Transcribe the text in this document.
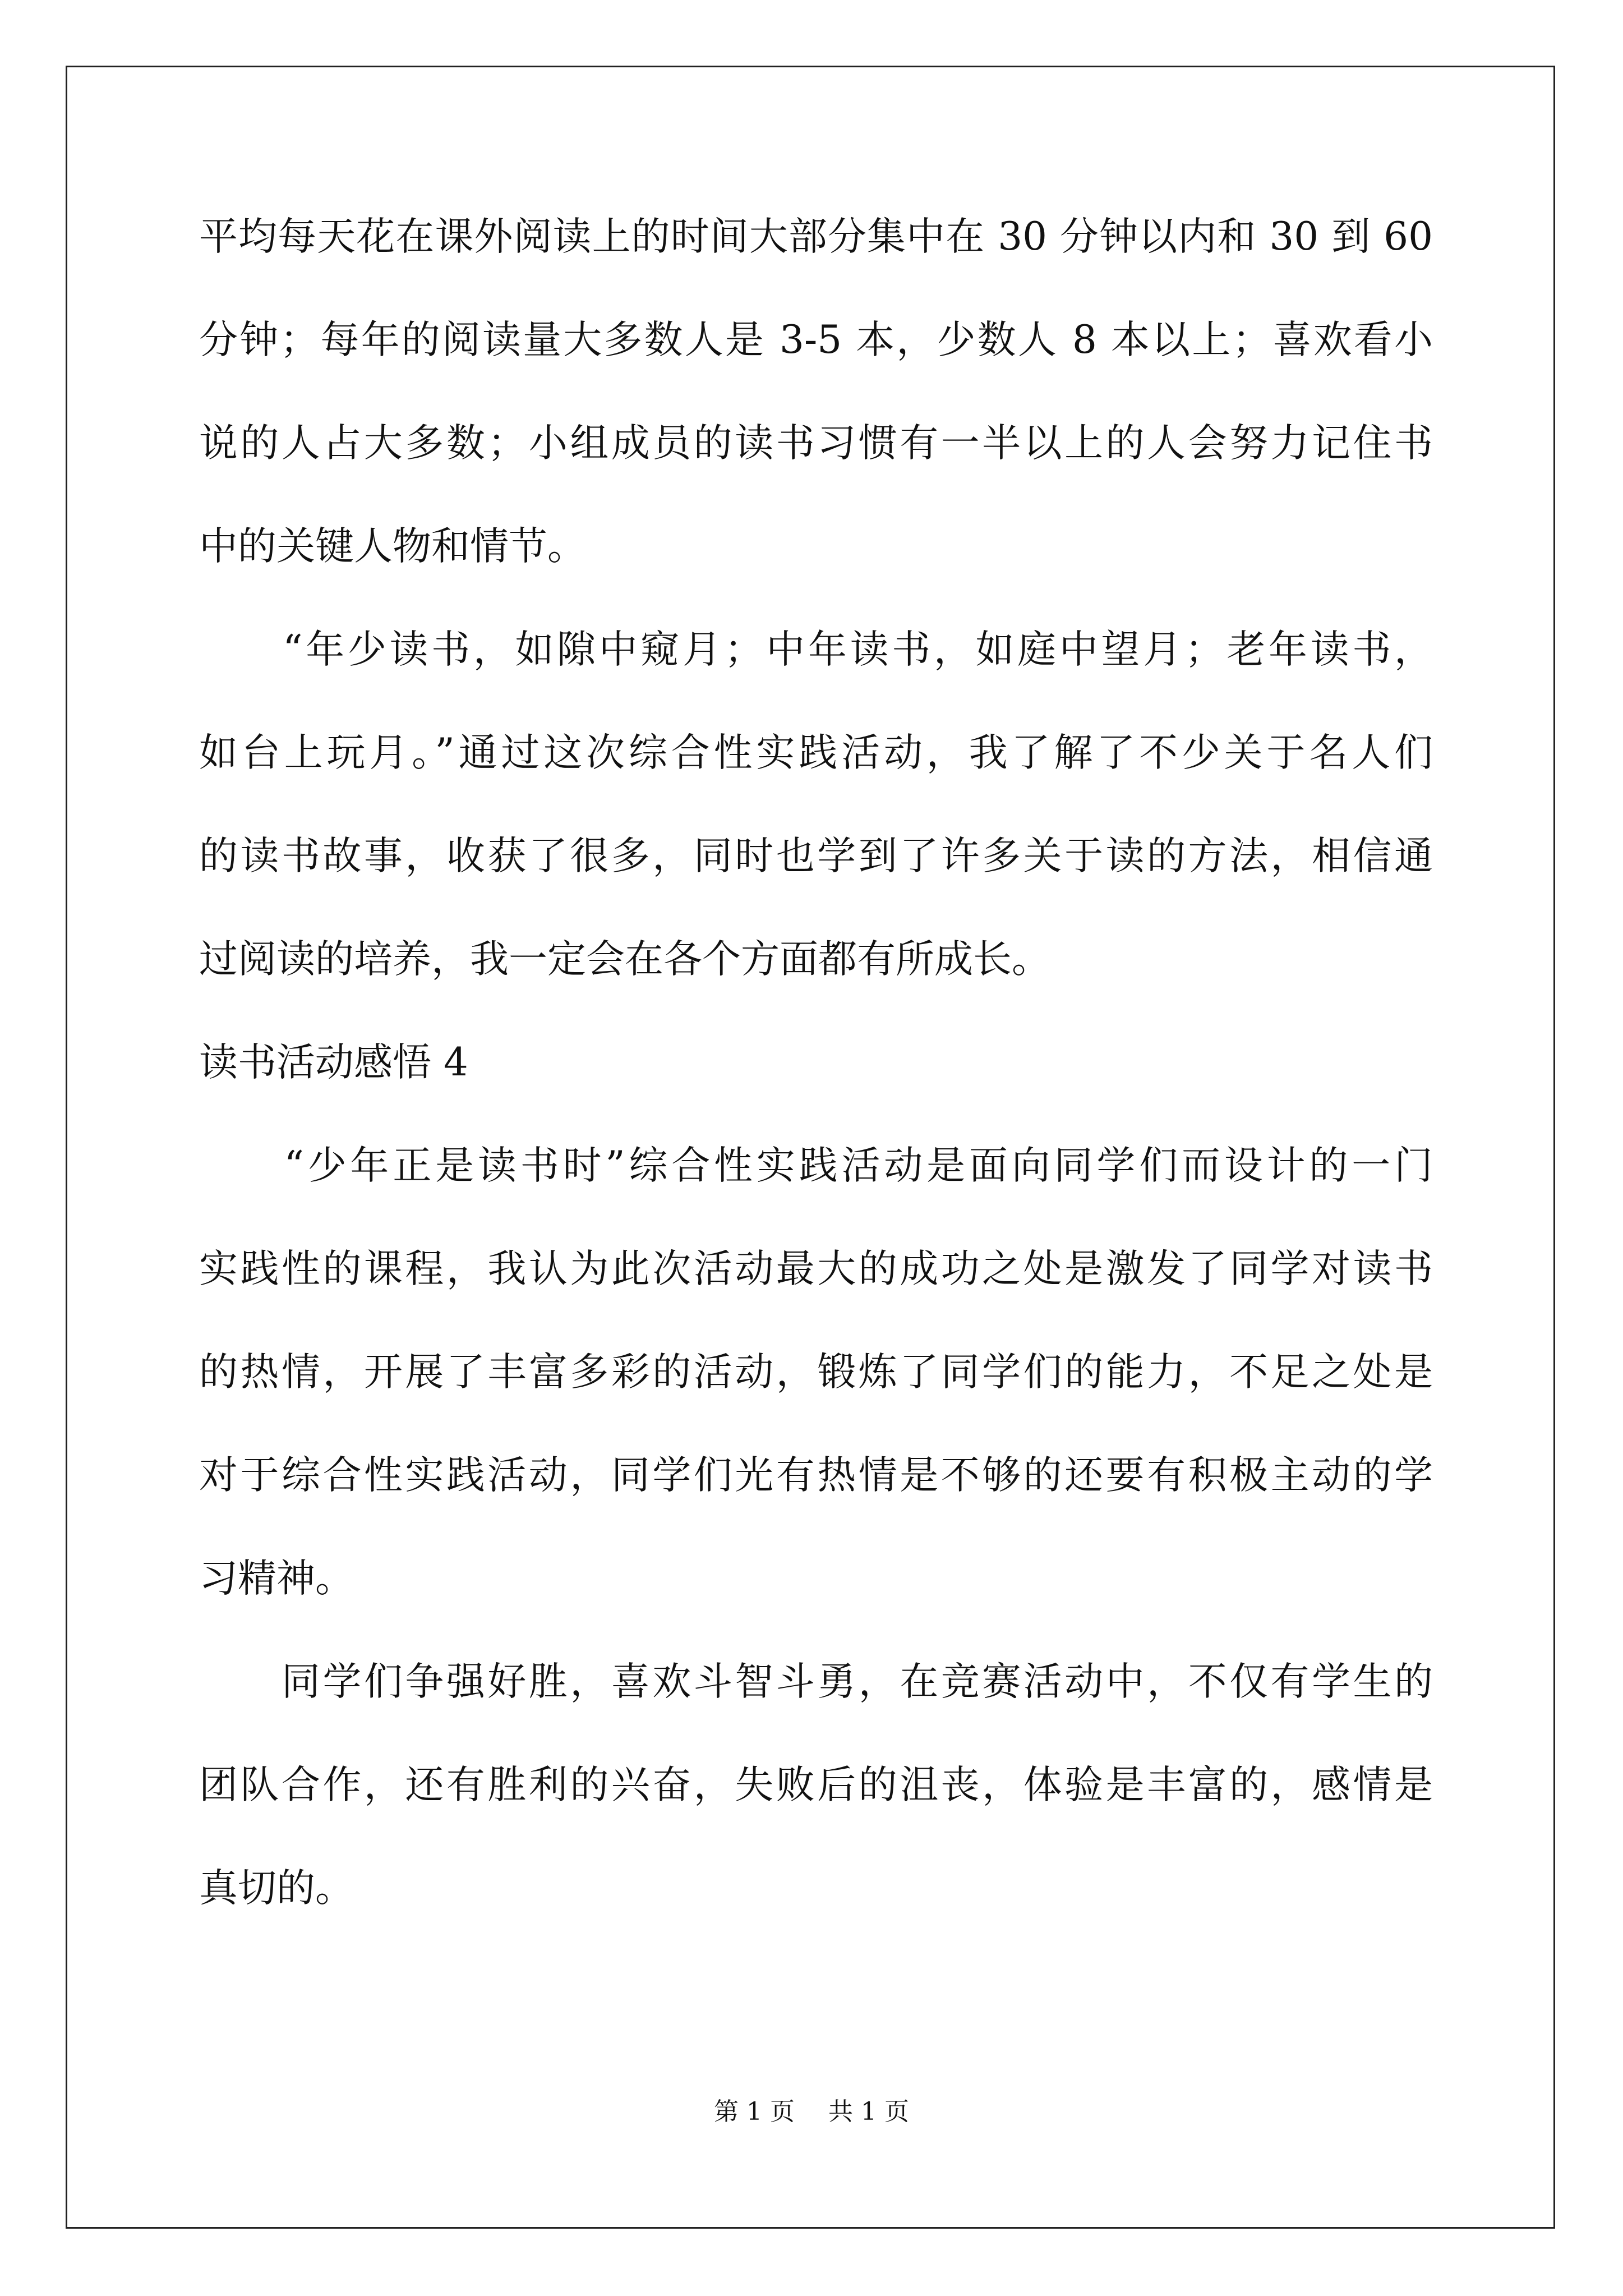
平均每天花在课外阅读上的时间大部分集中在 30 分钟以内和 30 到 60
分钟；每年的阅读量大多数人是 3-5 本，少数人 8 本以上；喜欢看小
说的人占大多数；小组成员的读书习惯有一半以上的人会努力记住书
中的关键人物和情节。
　　“年少读书，如隙中窥月；中年读书，如庭中望月；老年读书，
如台上玩月。”通过这次综合性实践活动，我了解了不少关于名人们
的读书故事，收获了很多，同时也学到了许多关于读的方法，相信通
过阅读的培养，我一定会在各个方面都有所成长。
读书活动感悟 4
　　“少年正是读书时”综合性实践活动是面向同学们而设计的一门
实践性的课程，我认为此次活动最大的成功之处是激发了同学对读书
的热情，开展了丰富多彩的活动，锻炼了同学们的能力，不足之处是
对于综合性实践活动，同学们光有热情是不够的还要有积极主动的学
习精神。
　　同学们争强好胜，喜欢斗智斗勇，在竞赛活动中，不仅有学生的
团队合作，还有胜利的兴奋，失败后的沮丧，体验是丰富的，感情是
真切的。
第 1 页 共 1 页
